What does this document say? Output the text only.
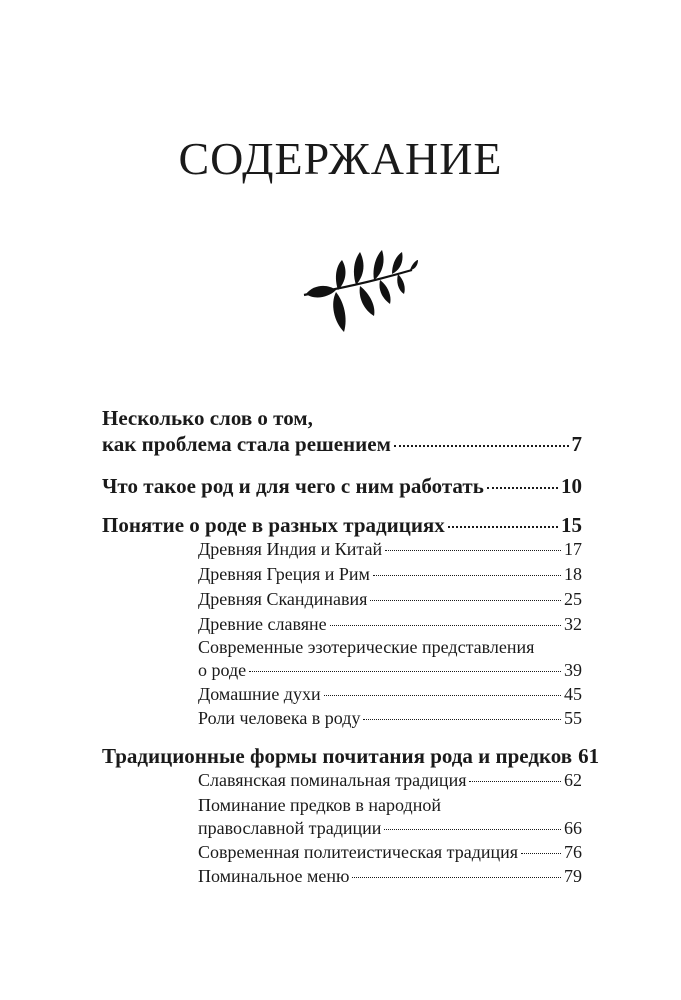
СОДЕРЖАНИЕ
Несколько слов о том,
как проблема стала решением	7
Что такое род и для чего с ним работать	10
Понятие о роде в разных традициях	15
Древняя Индия и Китай	17
Древняя Греция и Рим	18
Древняя Скандинавия	25
Древние славяне	32
Современные эзотерические представления
о роде	39
Домашние духи	45
Роли человека в роду	55
Традиционные формы почитания рода и предков 61
Славянская поминальная традиция	62
Поминание предков в народной
православной традиции	66
Современная политеистическая традиция	76
Поминальное меню	79
